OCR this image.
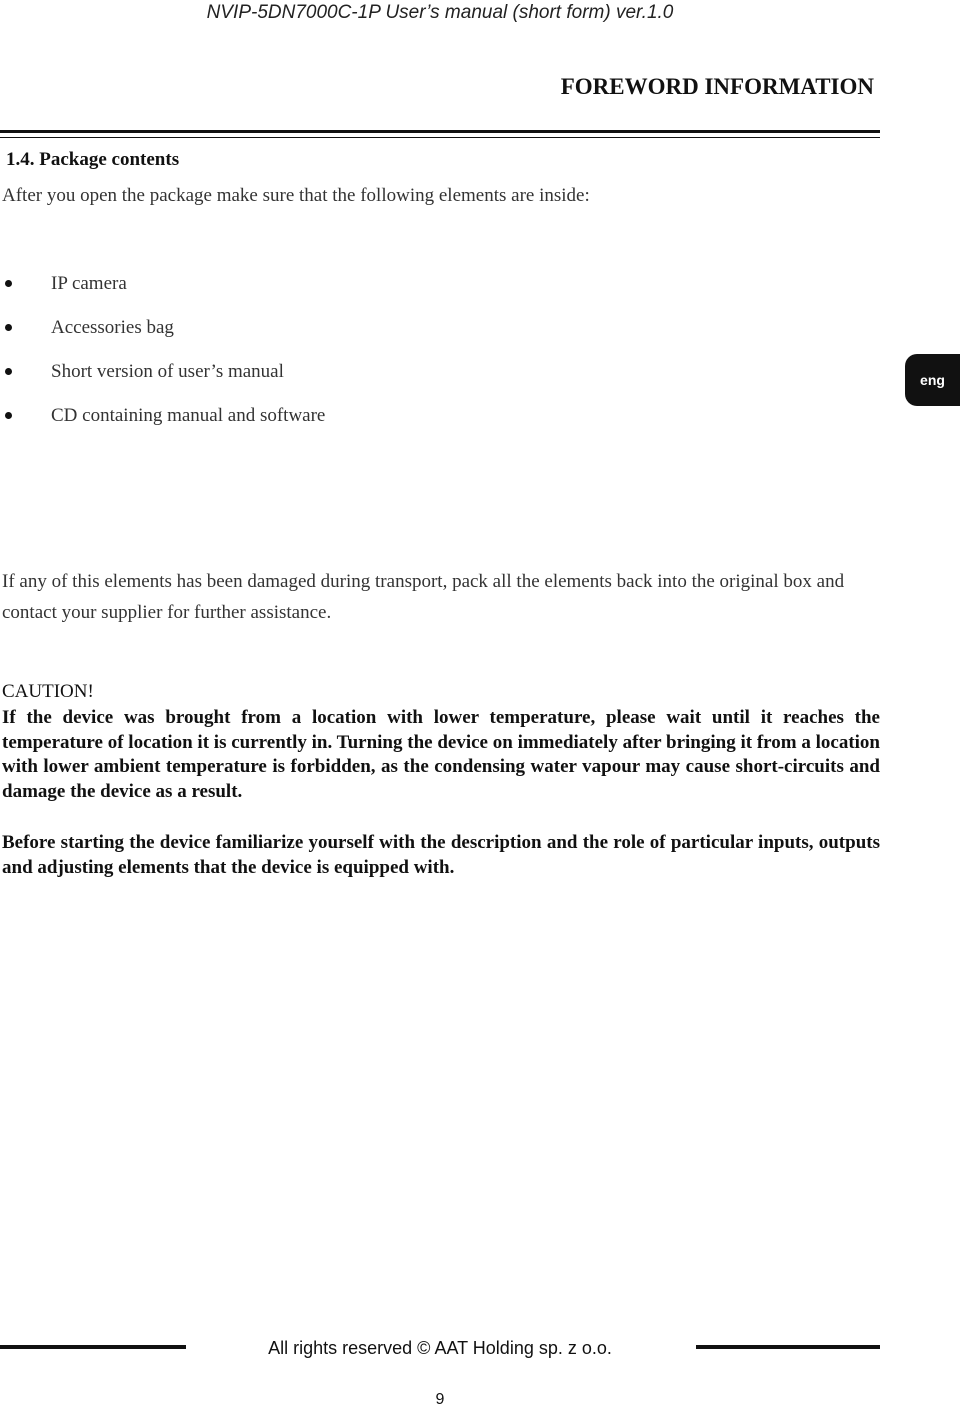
NVIP-5DN7000C-1P User’s manual (short form) ver.1.0
FOREWORD INFORMATION
1.4. Package contents
After you open the package make sure that the following elements are inside:
IP camera
Accessories bag
Short version of user’s manual
CD containing manual and software
eng

If any of this elements has been damaged during transport, pack all the elements back into the original box and contact your supplier for further assistance.

CAUTION!

If the device was brought from a location with lower temperature, please wait until it reaches the temperature of location it is currently in. Turning the device on immediately after bringing it from a location with lower ambient temperature is forbidden, as the condensing water vapour may cause short-circuits and damage the device as a result.

Before starting the device familiarize yourself with the description and the role of particular inputs, outputs and adjusting elements that the device is equipped with.

All rights reserved © AAT Holding sp. z o.o.
9
